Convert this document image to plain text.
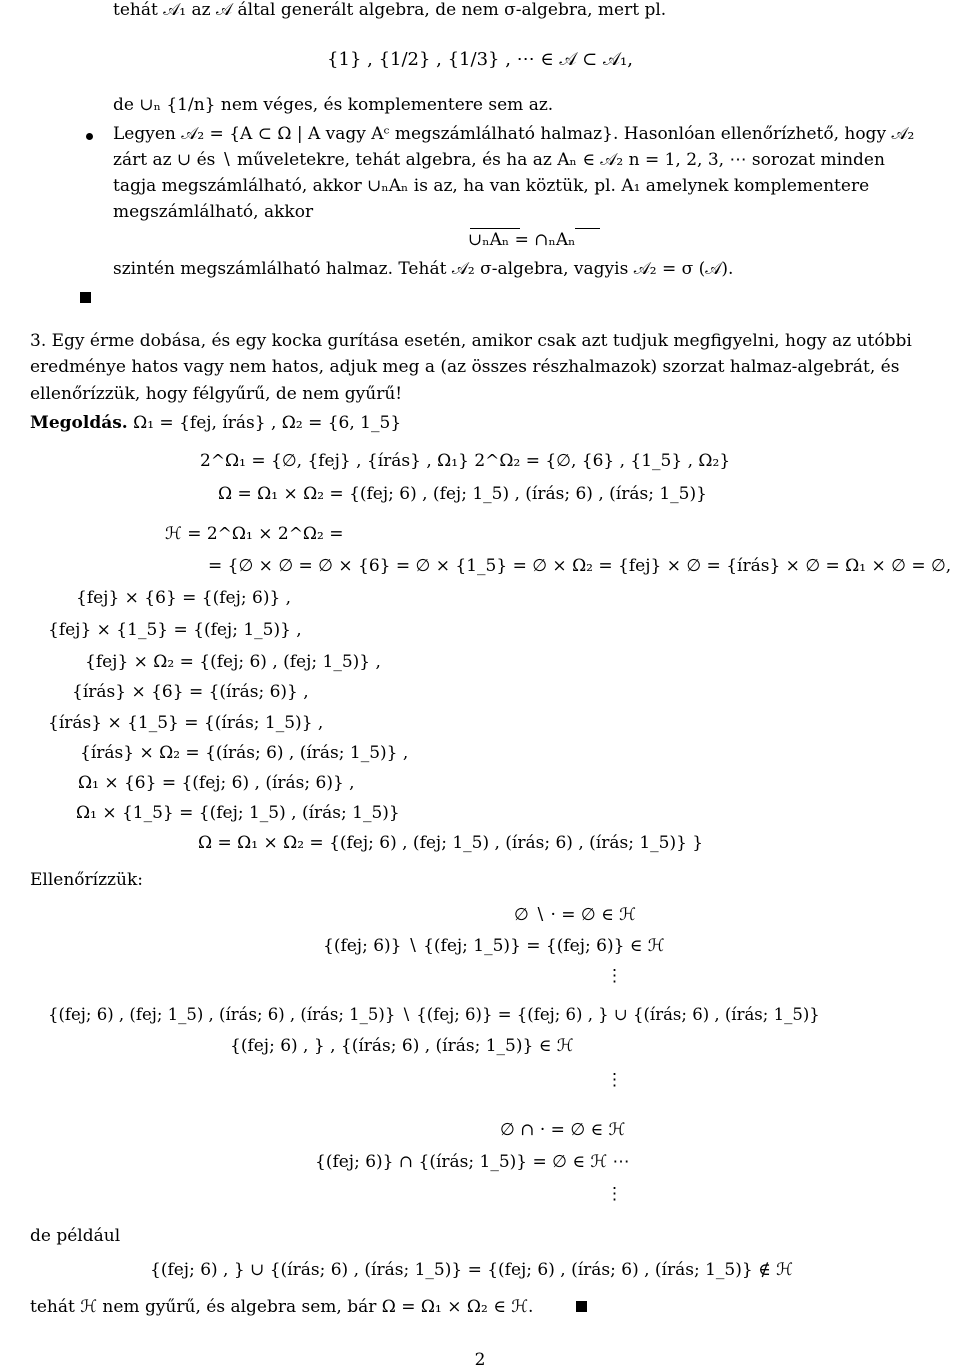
tehát 𝒜₁ az 𝒜 által generált algebra, de nem σ-algebra, mert pl.
{1} , {1/2} , {1/3} , ⋯ ∈ 𝒜 ⊂ 𝒜₁,
de ∪ₙ {1/n} nem véges, és komplementere sem az.
Legyen 𝒜₂ = {A ⊂ Ω | A vagy Aᶜ megszámlálható halmaz}. Hasonlóan ellenőrízhető, hogy 𝒜₂
zárt az ∪ és ∖ műveletekre, tehát algebra, és ha az Aₙ ∈ 𝒜₂ n = 1, 2, 3, ⋯ sorozat minden
tagja megszámlálható, akkor ∪ₙAₙ is az, ha van köztük, pl. A₁ amelynek komplementere
megszámlálható, akkor
∪ₙAₙ = ∩ₙAₙ
szintén megszámlálható halmaz. Tehát 𝒜₂ σ-algebra, vagyis 𝒜₂ = σ (𝒜).
3. Egy érme dobása, és egy kocka gurítása esetén, amikor csak azt tudjuk megfigyelni, hogy az utóbbi
eredménye hatos vagy nem hatos, adjuk meg a (az összes részhalmazok) szorzat halmaz-algebrát, és
ellenőrízzük, hogy félgyűrű, de nem gyűrű!
Megoldás. Ω₁ = {fej, írás} , Ω₂ = {6, 1_5}
2^Ω₁ = {∅, {fej} , {írás} , Ω₁} 2^Ω₂ = {∅, {6} , {1_5} , Ω₂}
Ω = Ω₁ × Ω₂ = {(fej; 6) , (fej; 1_5) , (írás; 6) , (írás; 1_5)}
ℋ = 2^Ω₁ × 2^Ω₂ =
= {∅ × ∅ = ∅ × {6} = ∅ × {1_5} = ∅ × Ω₂ = {fej} × ∅ = {írás} × ∅ = Ω₁ × ∅ = ∅,
{fej} × {6} = {(fej; 6)} ,
{fej} × {1_5} = {(fej; 1_5)} ,
{fej} × Ω₂ = {(fej; 6) , (fej; 1_5)} ,
{írás} × {6} = {(írás; 6)} ,
{írás} × {1_5} = {(írás; 1_5)} ,
{írás} × Ω₂ = {(írás; 6) , (írás; 1_5)} ,
Ω₁ × {6} = {(fej; 6) , (írás; 6)} ,
Ω₁ × {1_5} = {(fej; 1_5) , (írás; 1_5)}
Ω = Ω₁ × Ω₂ = {(fej; 6) , (fej; 1_5) , (írás; 6) , (írás; 1_5)} }
Ellenőrízzük:
∅ ∖ · = ∅ ∈ ℋ
{(fej; 6)} ∖ {(fej; 1_5)} = {(fej; 6)} ∈ ℋ
⋮
{(fej; 6) , (fej; 1_5) , (írás; 6) , (írás; 1_5)} ∖ {(fej; 6)} = {(fej; 6) , } ∪ {(írás; 6) , (írás; 1_5)}
{(fej; 6) , } , {(írás; 6) , (írás; 1_5)} ∈ ℋ
⋮
∅ ∩ · = ∅ ∈ ℋ
{(fej; 6)} ∩ {(írás; 1_5)} = ∅ ∈ ℋ ⋯
⋮
de például
{(fej; 6) , } ∪ {(írás; 6) , (írás; 1_5)} = {(fej; 6) , (írás; 6) , (írás; 1_5)} ∉ ℋ
tehát ℋ nem gyűrű, és algebra sem, bár Ω = Ω₁ × Ω₂ ∈ ℋ.
2
